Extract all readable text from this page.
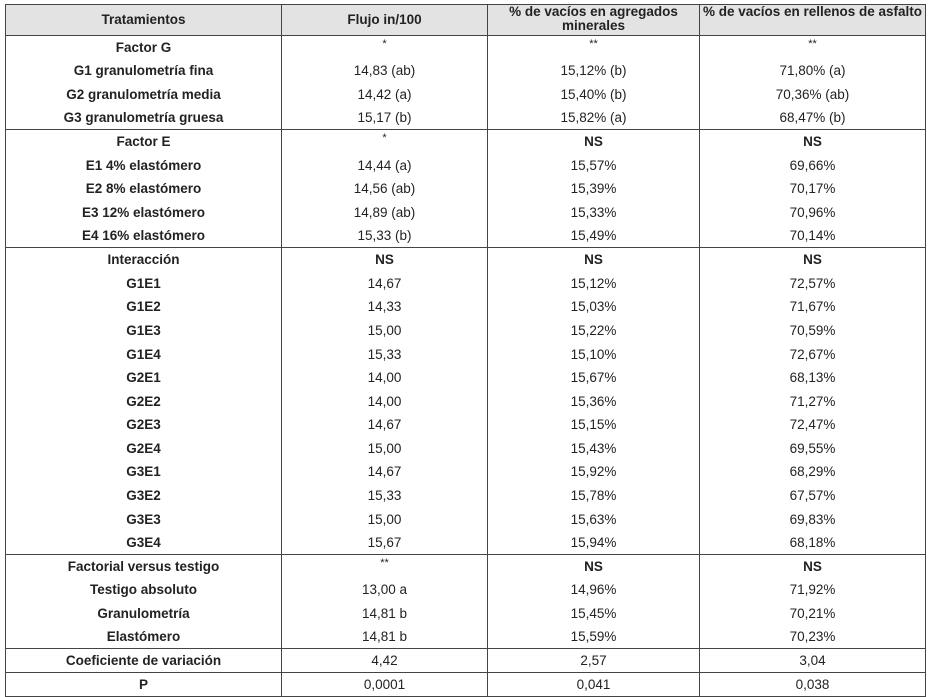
Tratamientos	Flujo in/100	% de vacíos en agregados minerales	% de vacíos en rellenos de asfalto
Factor G	*	**	**
G1 granulometría fina	14,83 (ab)	15,12% (b)	71,80% (a)
G2 granulometría media	14,42 (a)	15,40% (b)	70,36% (ab)
G3 granulometría gruesa	15,17 (b)	15,82% (a)	68,47% (b)
Factor E	*	NS	NS
E1 4% elastómero	14,44 (a)	15,57%	69,66%
E2 8% elastómero	14,56 (ab)	15,39%	70,17%
E3 12% elastómero	14,89 (ab)	15,33%	70,96%
E4 16% elastómero	15,33 (b)	15,49%	70,14%
Interacción	NS	NS	NS
G1E1	14,67	15,12%	72,57%
G1E2	14,33	15,03%	71,67%
G1E3	15,00	15,22%	70,59%
G1E4	15,33	15,10%	72,67%
G2E1	14,00	15,67%	68,13%
G2E2	14,00	15,36%	71,27%
G2E3	14,67	15,15%	72,47%
G2E4	15,00	15,43%	69,55%
G3E1	14,67	15,92%	68,29%
G3E2	15,33	15,78%	67,57%
G3E3	15,00	15,63%	69,83%
G3E4	15,67	15,94%	68,18%
Factorial versus testigo	**	NS	NS
Testigo absoluto	13,00 a	14,96%	71,92%
Granulometría	14,81 b	15,45%	70,21%
Elastómero	14,81 b	15,59%	70,23%
Coeficiente de variación	4,42	2,57	3,04
P	0,0001	0,041	0,038
